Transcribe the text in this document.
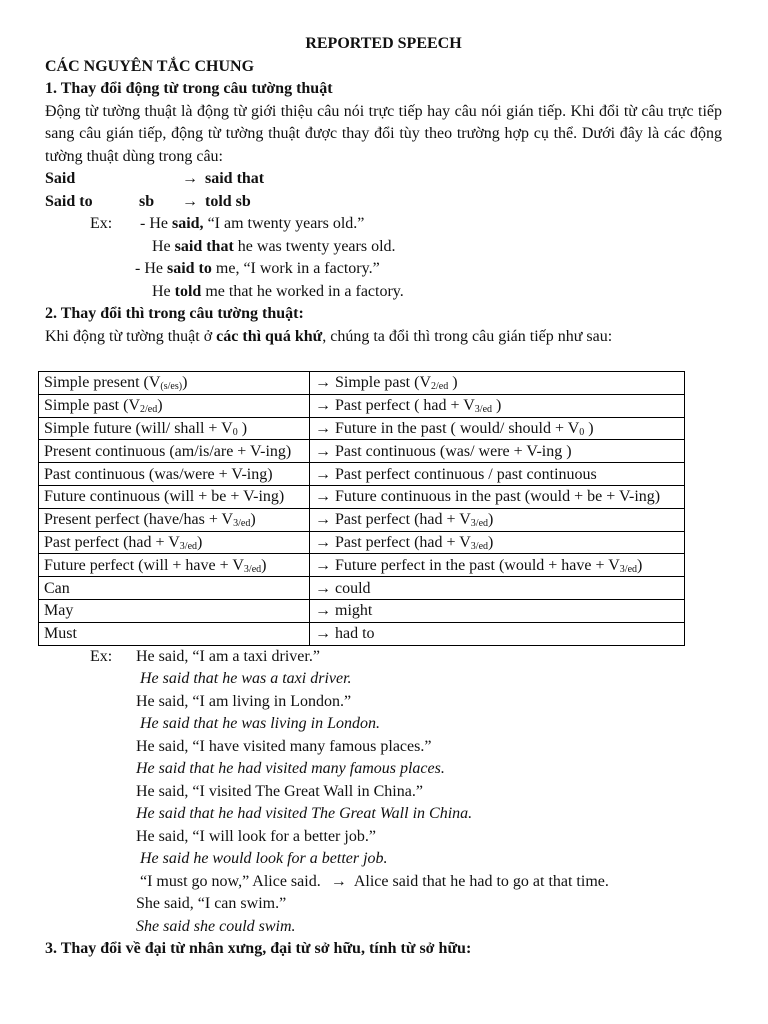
REPORTED SPEECH
CÁC NGUYÊN TẮC CHUNG
1. Thay đổi động từ trong câu tường thuật
Động từ tường thuật là động từ giới thiệu câu nói trực tiếp hay câu nói gián tiếp. Khi đổi từ câu trực tiếp sang câu gián tiếp, động từ tường thuật được thay đổi tùy theo trường hợp cụ thể. Dưới đây là các động tường thuật dùng trong câu:
Said	→ said that
Said to	sb	→ told sb
Ex: - He said, “I am twenty years old.”
He said that he was twenty years old.
- He said to me, “I work in a factory.”
He told me that he worked in a factory.
2. Thay đổi thì trong câu tường thuật:
Khi động từ tường thuật ở các thì quá khứ, chúng ta đổi thì trong câu gián tiếp như sau:
Simple present $(V_{(s/es)})$	→ Simple past ($V_{2/ed}$ )
Simple past $(V_{2/ed})$	→ Past perfect ( had + $V_{3/ed}$ )
Simple future (will/ shall + $V_0$ )	→ Future in the past ( would/ should + $V_0$ )
Present continuous (am/is/are + V-ing)	→ Past continuous (was/ were + V-ing )
Past continuous (was/were + V-ing)	→ Past perfect continuous / past continuous
Future continuous (will + be + V-ing)	→ Future continuous in the past (would + be + V-ing)
Present perfect (have/has + $V_{3/ed}$)	→ Past perfect $(had + V_{3/ed})$
Past perfect $(had + V_{3/ed})$	→ Past perfect $(had + V_{3/ed})$
Future perfect (will + have + $V_{3/ed}$)	→ Future perfect in the past (would + have + $V_{3/ed}$)
Can	→ could
May	→ might
Must	→ had to
Ex: He said, “I am a taxi driver.”
He said that he was a taxi driver.
He said, “I am living in London.”
He said that he was living in London.
He said, “I have visited many famous places.”
He said that he had visited many famous places.
He said, “I visited The Great Wall in China.”
He said that he had visited The Great Wall in China.
He said, “I will look for a better job.”
He said he would look for a better job.
“I must go now,” Alice said. → Alice said that he had to go at that time.
She said, “I can swim.”
She said she could swim.
3. Thay đổi về đại từ nhân xưng, đại từ sở hữu, tính từ sở hữu:
